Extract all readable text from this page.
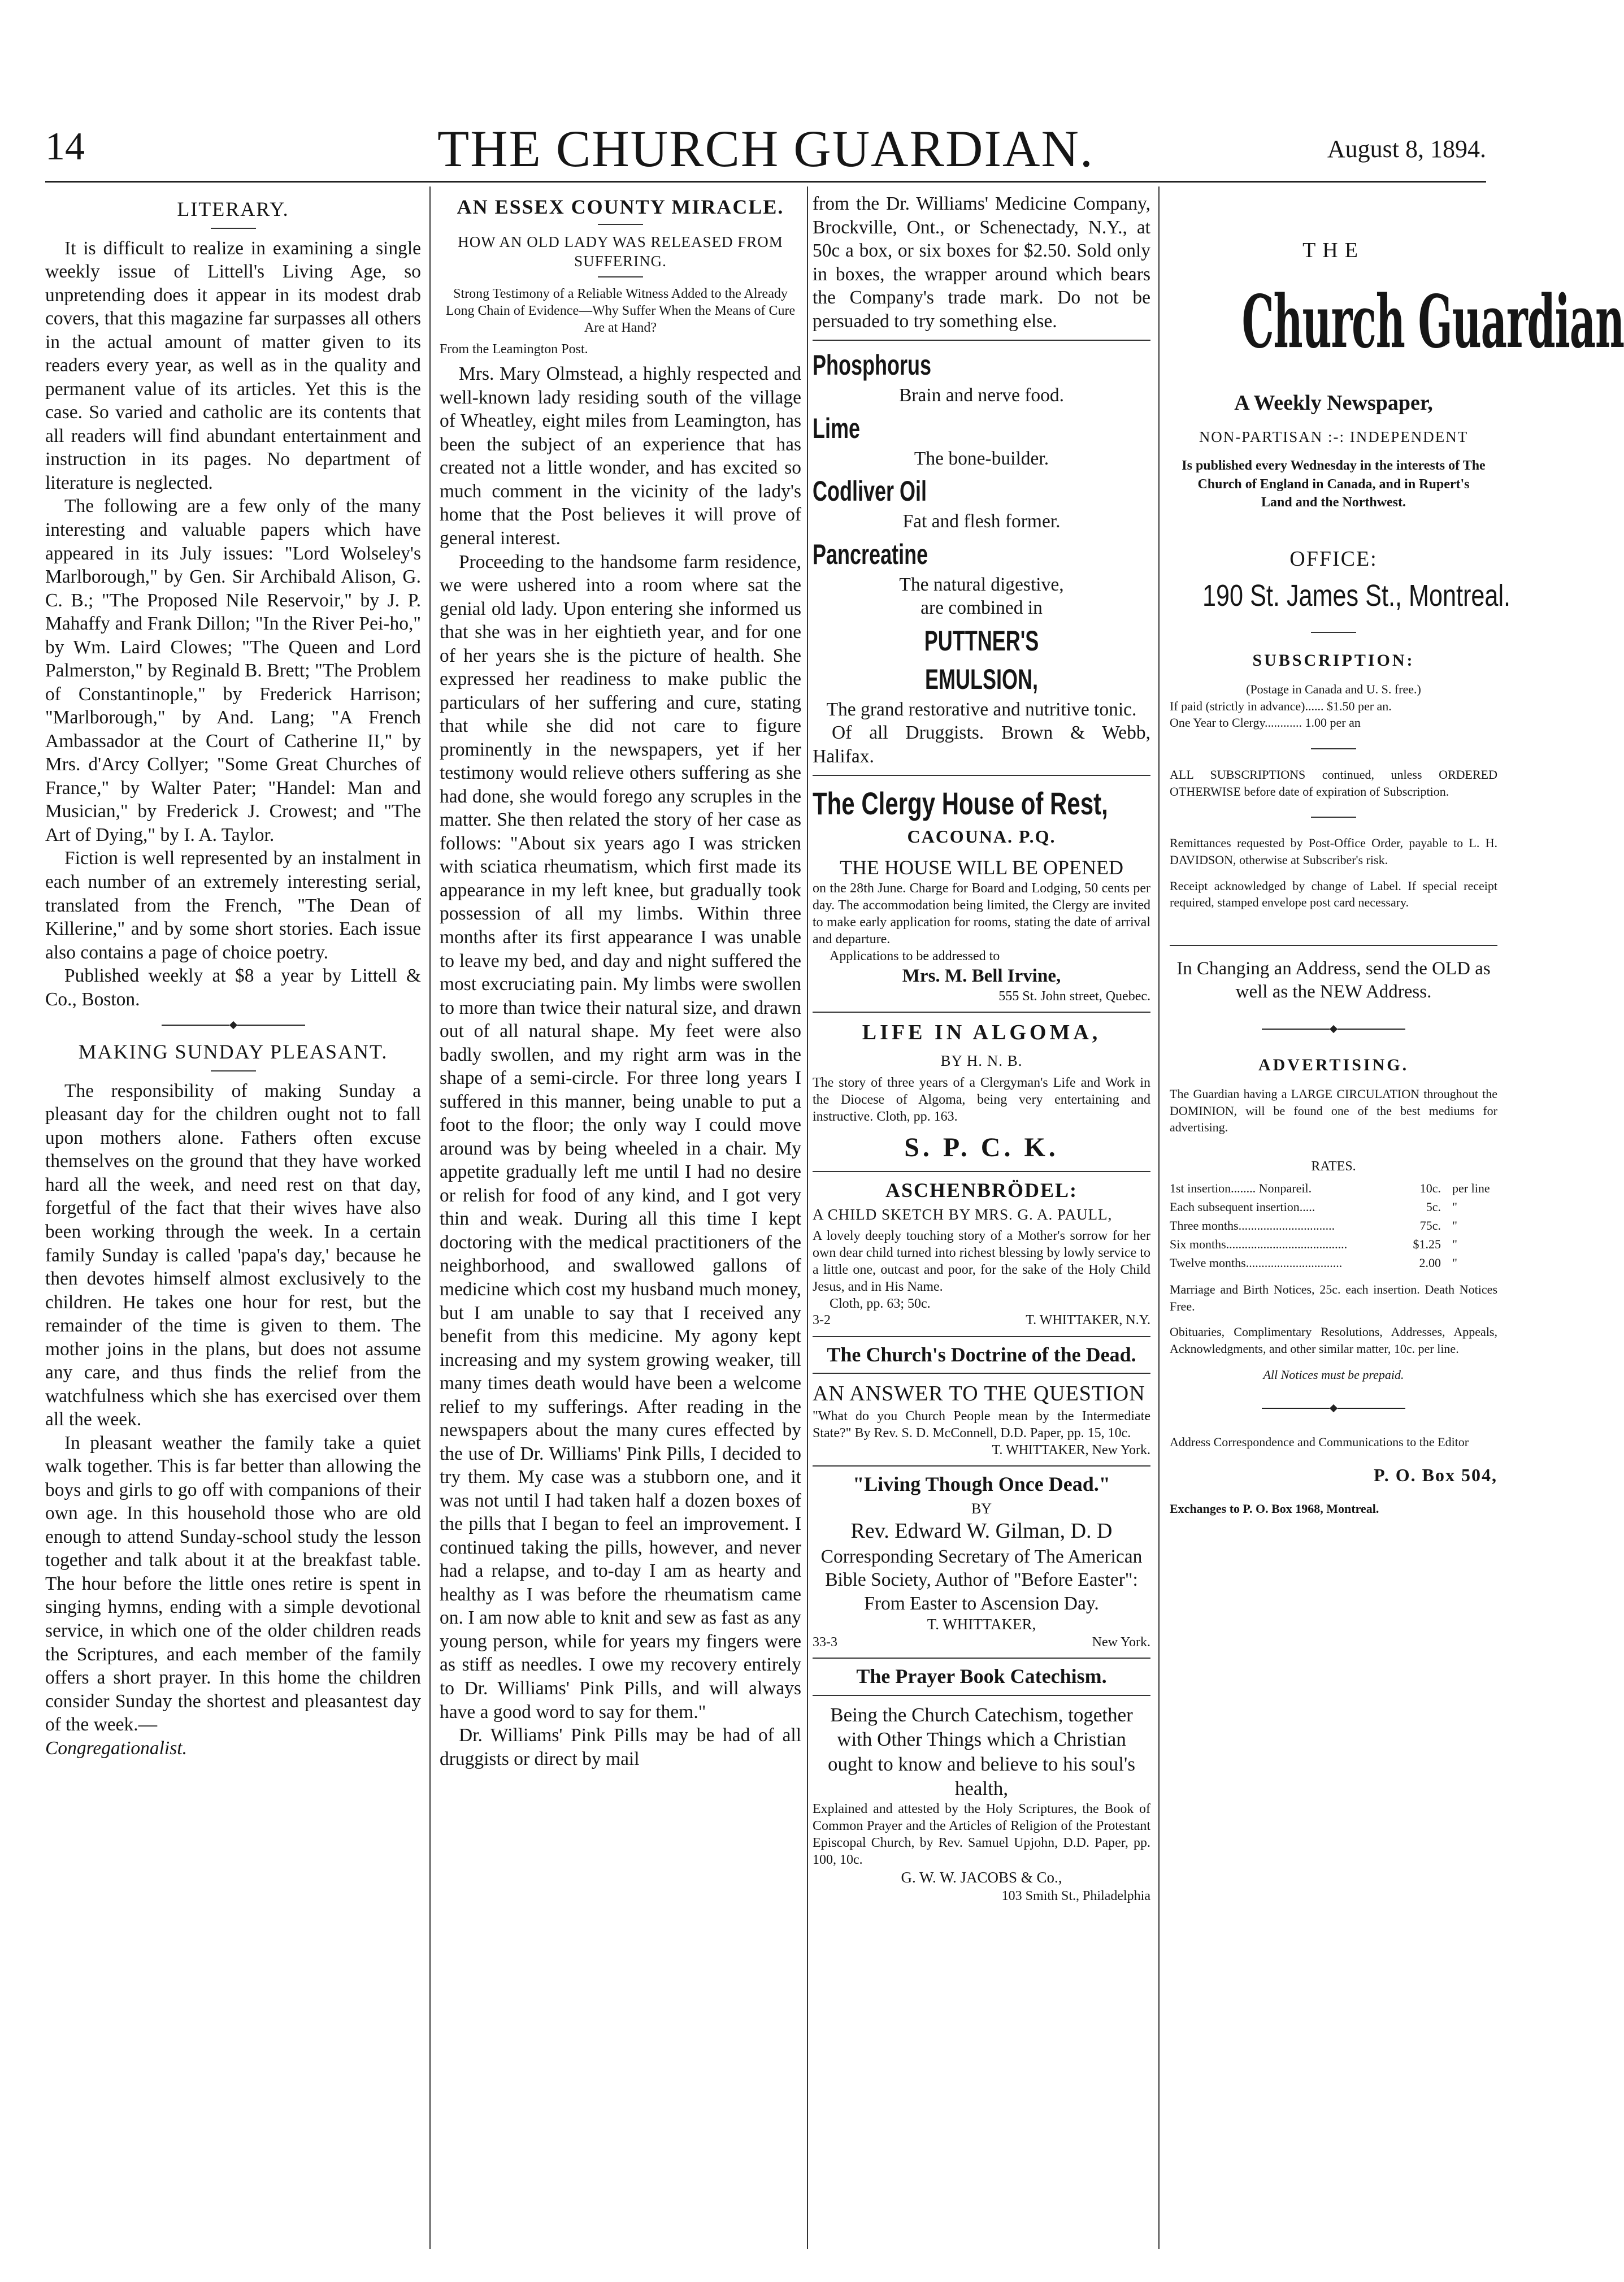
14	THE CHURCH GUARDIAN.	August 8, 1894.
LITERARY.

It is difficult to realize in examining a single weekly issue of Littell's Living Age, so unpretending does it appear in its modest drab covers, that this magazine far surpasses all others in the actual amount of matter given to its readers every year, as well as in the quality and permanent value of its articles. Yet this is the case. So varied and catholic are its contents that all readers will find abundant entertainment and instruction in its pages. No department of literature is neglected.

The following are a few only of the many interesting and valuable papers which have appeared in its July issues: "Lord Wolseley's Marlborough," by Gen. Sir Archibald Alison, G. C. B.; "The Proposed Nile Reservoir," by J. P. Mahaffy and Frank Dillon; "In the River Pei-ho," by Wm. Laird Clowes; "The Queen and Lord Palmerston," by Reginald B. Brett; "The Problem of Constantinople," by Frederick Harrison; "Marlborough," by And. Lang; "A French Ambassador at the Court of Catherine II," by Mrs. d'Arcy Collyer; "Some Great Churches of France," by Walter Pater; "Handel: Man and Musician," by Frederick J. Crowest; and "The Art of Dying," by I. A. Taylor.

Fiction is well represented by an instalment in each number of an extremely interesting serial, translated from the French, "The Dean of Killerine," and by some short stories. Each issue also contains a page of choice poetry.

Published weekly at $8 a year by Littell & Co., Boston.

MAKING SUNDAY PLEASANT.

The responsibility of making Sunday a pleasant day for the children ought not to fall upon mothers alone. Fathers often excuse themselves on the ground that they have worked hard all the week, and need rest on that day, forgetful of the fact that their wives have also been working through the week. In a certain family Sunday is called 'papa's day,' because he then devotes himself almost exclusively to the children. He takes one hour for rest, but the remainder of the time is given to them. The mother joins in the plans, but does not assume any care, and thus finds the relief from the watchfulness which she has exercised over them all the week.

In pleasant weather the family take a quiet walk together. This is far better than allowing the boys and girls to go off with companions of their own age. In this household those who are old enough to attend Sunday-school study the lesson together and talk about it at the breakfast table. The hour before the little ones retire is spent in singing hymns, ending with a simple devotional service, in which one of the older children reads the Scriptures, and each member of the family offers a short prayer. In this home the children consider Sunday the shortest and pleasantest day of the week.—

Congregationalist.

AN ESSEX COUNTY MIRACLE.
HOW AN OLD LADY WAS RELEASED FROM SUFFERING.
Strong Testimony of a Reliable Witness Added to the Already Long Chain of Evidence—Why Suffer When the Means of Cure Are at Hand?
From the Leamington Post.

Mrs. Mary Olmstead, a highly respected and well-known lady residing south of the village of Wheatley, eight miles from Leamington, has been the subject of an experience that has created not a little wonder, and has excited so much comment in the vicinity of the lady's home that the Post believes it will prove of general interest.

Proceeding to the handsome farm residence, we were ushered into a room where sat the genial old lady. Upon entering she informed us that she was in her eightieth year, and for one of her years she is the picture of health. She expressed her readiness to make public the particulars of her suffering and cure, stating that while she did not care to figure prominently in the newspapers, yet if her testimony would relieve others suffering as she had done, she would forego any scruples in the matter. She then related the story of her case as follows: "About six years ago I was stricken with sciatica rheumatism, which first made its appearance in my left knee, but gradually took possession of all my limbs. Within three months after its first appearance I was unable to leave my bed, and day and night suffered the most excruciating pain. My limbs were swollen to more than twice their natural size, and drawn out of all natural shape. My feet were also badly swollen, and my right arm was in the shape of a semi-circle. For three long years I suffered in this manner, being unable to put a foot to the floor; the only way I could move around was by being wheeled in a chair. My appetite gradually left me until I had no desire or relish for food of any kind, and I got very thin and weak. During all this time I kept doctoring with the medical practitioners of the neighborhood, and swallowed gallons of medicine which cost my husband much money, but I am unable to say that I received any benefit from this medicine. My agony kept increasing and my system growing weaker, till many times death would have been a welcome relief to my sufferings. After reading in the newspapers about the many cures effected by the use of Dr. Williams' Pink Pills, I decided to try them. My case was a stubborn one, and it was not until I had taken half a dozen boxes of the pills that I began to feel an improvement. I continued taking the pills, however, and never had a relapse, and to-day I am as hearty and healthy as I was before the rheumatism came on. I am now able to knit and sew as fast as any young person, while for years my fingers were as stiff as needles. I owe my recovery entirely to Dr. Williams' Pink Pills, and will always have a good word to say for them."

Dr. Williams' Pink Pills may be had of all druggists or direct by mail

from the Dr. Williams' Medicine Company, Brockville, Ont., or Schenectady, N.Y., at 50c a box, or six boxes for $2.50. Sold only in boxes, the wrapper around which bears the Company's trade mark. Do not be persuaded to try something else.

Phosphorus
Brain and nerve food.
Lime
The bone-builder.
Codliver Oil
Fat and flesh former.
Pancreatine
The natural digestive,
are combined in
PUTTNER'S
EMULSION,
The grand restorative and nutritive tonic.

Of all Druggists. Brown & Webb, Halifax.

The Clergy House of Rest,
CACOUNA. P.Q.
THE HOUSE WILL BE OPENED
on the 28th June. Charge for Board and Lodging, 50 cents per day. The accommodation being limited, the Clergy are invited to make early application for rooms, stating the date of arrival and departure.
Applications to be addressed to
Mrs. M. Bell Irvine,
555 St. John street, Quebec.
LIFE IN ALGOMA,
BY H. N. B.
The story of three years of a Clergyman's Life and Work in the Diocese of Algoma, being very entertaining and instructive. Cloth, pp. 163.
S. P. C. K.
ASCHENBRÖDEL:
A CHILD SKETCH BY MRS. G. A. PAULL,
A lovely deeply touching story of a Mother's sorrow for her own dear child turned into richest blessing by lowly service to a little one, outcast and poor, for the sake of the Holy Child Jesus, and in His Name.
Cloth, pp. 63; 50c.
3-2	T. WHITTAKER, N.Y.
The Church's Doctrine of the Dead.
AN ANSWER TO THE QUESTION
"What do you Church People mean by the Intermediate State?" By Rev. S. D. McConnell, D.D. Paper, pp. 15, 10c.
T. WHITTAKER, New York.
"Living Though Once Dead."
BY
Rev. Edward W. Gilman, D. D
Corresponding Secretary of The American Bible Society, Author of "Before Easter": From Easter to Ascension Day.
T. WHITTAKER,
33-3	New York.
The Prayer Book Catechism.
Being the Church Catechism, together with Other Things which a Christian ought to know and believe to his soul's health,
Explained and attested by the Holy Scriptures, the Book of Common Prayer and the Articles of Religion of the Protestant Episcopal Church, by Rev. Samuel Upjohn, D.D. Paper, pp. 100, 10c.
G. W. W. JACOBS & Co.,
103 Smith St., Philadelphia
THE
Church Guardian
A Weekly Newspaper,
NON-PARTISAN :-: INDEPENDENT
Is published every Wednesday in the interests of The Church of England in Canada, and in Rupert's Land and the Northwest.
OFFICE:
190 St. James St., Montreal.
SUBSCRIPTION:
(Postage in Canada and U. S. free.)
If paid (strictly in advance)...... $1.50 per an.
One Year to Clergy............ 1.00 per an
ALL SUBSCRIPTIONS continued, unless ORDERED OTHERWISE before date of expiration of Subscription.
Remittances requested by Post-Office Order, payable to L. H. DAVIDSON, otherwise at Subscriber's risk.
Receipt acknowledged by change of Label. If special receipt required, stamped envelope post card necessary.
In Changing an Address, send the OLD as well as the NEW Address.
ADVERTISING.
The Guardian having a LARGE CIRCULATION throughout the DOMINION, will be found one of the best mediums for advertising.
RATES.
1st insertion........ Nonpareil.	10c. per line
Each subsequent insertion.....	5c. "
Three months...............................	75c. "
Six months.......................................	$1.25 "
Twelve months...............................	2.00 "
Marriage and Birth Notices, 25c. each insertion. Death Notices Free.
Obituaries, Complimentary Resolutions, Addresses, Appeals, Acknowledgments, and other similar matter, 10c. per line.
All Notices must be prepaid.
Address Correspondence and Communications to the Editor
P. O. Box 504,
Exchanges to P. O. Box 1968, Montreal.
